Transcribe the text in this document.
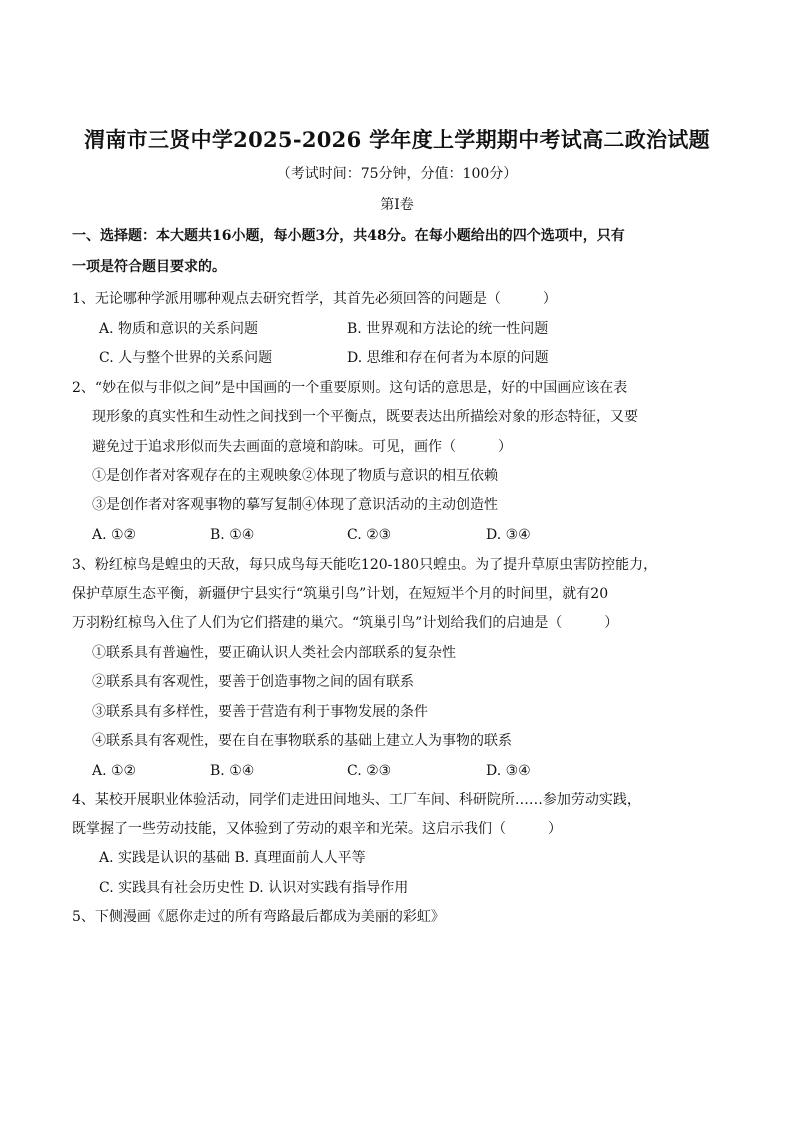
渭南市三贤中学2025-2026 学年度上学期期中考试高二政治试题
（考试时间：75分钟，分值：100分）
第Ⅰ卷
一、选择题：本大题共16小题，每小题3分，共48分。在每小题给出的四个选项中，只有
一项是符合题目要求的。
1、无论哪种学派用哪种观点去研究哲学，其首先必须回答的问题是（　　　）
A. 物质和意识的关系问题	B. 世界观和方法论的统一性问题
C. 人与整个世界的关系问题	D. 思维和存在何者为本原的问题
2、“妙在似与非似之间”是中国画的一个重要原则。这句话的意思是，好的中国画应该在表
现形象的真实性和生动性之间找到一个平衡点，既要表达出所描绘对象的形态特征，又要
避免过于追求形似而失去画面的意境和韵味。可见，画作（　　　）
①是创作者对客观存在的主观映象②体现了物质与意识的相互依赖
③是创作者对客观事物的摹写复制④体现了意识活动的主动创造性
A. ①②	B. ①④	C. ②③	D. ③④
3、粉红椋鸟是蝗虫的天敌，每只成鸟每天能吃120-180只蝗虫。为了提升草原虫害防控能力，
保护草原生态平衡，新疆伊宁县实行“筑巢引鸟”计划，在短短半个月的时间里，就有20
万羽粉红椋鸟入住了人们为它们搭建的巢穴。“筑巢引鸟”计划给我们的启迪是（　　　）
①联系具有普遍性，要正确认识人类社会内部联系的复杂性
②联系具有客观性，要善于创造事物之间的固有联系
③联系具有多样性，要善于营造有利于事物发展的条件
④联系具有客观性，要在自在事物联系的基础上建立人为事物的联系
A. ①②	B. ①④	C. ②③	D. ③④
4、某校开展职业体验活动，同学们走进田间地头、工厂车间、科研院所……参加劳动实践，
既掌握了一些劳动技能，又体验到了劳动的艰辛和光荣。这启示我们（　　　）
A. 实践是认识的基础 B. 真理面前人人平等
C. 实践具有社会历史性 D. 认识对实践有指导作用
5、下侧漫画《愿你走过的所有弯路最后都成为美丽的彩虹》
